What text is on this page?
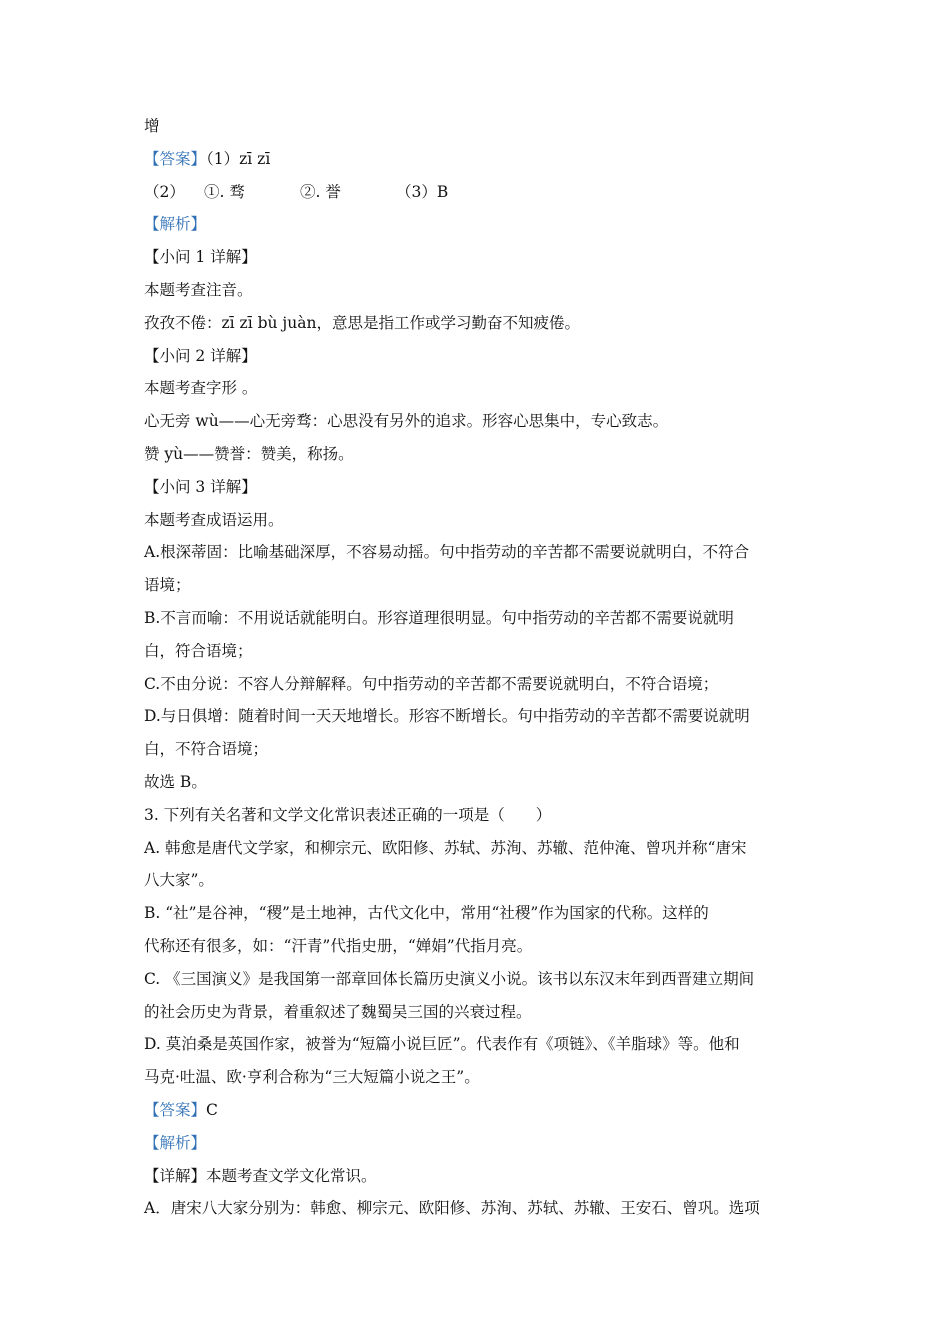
增
【答案】（1）zī zī
（2） ①. 骛	②. 誉	（3）B
【解析】
【小问 1 详解】
本题考查注音。
孜孜不倦：zī zī bù juàn，意思是指工作或学习勤奋不知疲倦。
【小问 2 详解】
本题考查字形 。
心无旁 wù——心无旁骛：心思没有另外的追求。形容心思集中，专心致志。
赞 yù——赞誉：赞美，称扬。
【小问 3 详解】
本题考查成语运用。
A.根深蒂固：比喻基础深厚，不容易动摇。句中指劳动的辛苦都不需要说就明白，不符合
语境；
B.不言而喻：不用说话就能明白。形容道理很明显。句中指劳动的辛苦都不需要说就明
白，符合语境；
C.不由分说：不容人分辩解释。句中指劳动的辛苦都不需要说就明白，不符合语境；
D.与日俱增：随着时间一天天地增长。形容不断增长。句中指劳动的辛苦都不需要说就明
白，不符合语境；
故选 B。
3. 下列有关名著和文学文化常识表述正确的一项是（　　）
A. 韩愈是唐代文学家，和柳宗元、欧阳修、苏轼、苏洵、苏辙、范仲淹、曾巩并称“唐宋
八大家”。
B. “社”是谷神，“稷”是土地神，古代文化中，常用“社稷”作为国家的代称。这样的
代称还有很多，如：“汗青”代指史册，“婵娟”代指月亮。
C. 《三国演义》是我国第一部章回体长篇历史演义小说。该书以东汉末年到西晋建立期间
的社会历史为背景，着重叙述了魏蜀吴三国的兴衰过程。
D. 莫泊桑是英国作家，被誉为“短篇小说巨匠”。代表作有《项链》、《羊脂球》等。他和
马克·吐温、欧·亨利合称为“三大短篇小说之王”。
【答案】C
【解析】
【详解】本题考查文学文化常识。
A．唐宋八大家分别为：韩愈、柳宗元、欧阳修、苏洵、苏轼、苏辙、王安石、曾巩。选项
